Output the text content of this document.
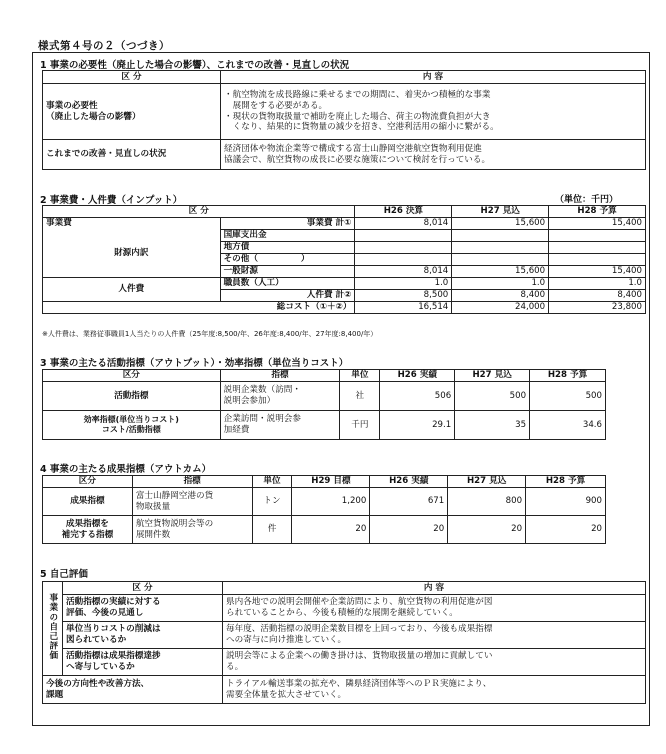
様式第４号の２（つづき）
1 事業の必要性（廃止した場合の影響）、これまでの改善・見直しの状況
区 分	内 容
事業の必要性
（廃止した場合の影響）	・航空物流を成長路線に乗せるまでの期間に、着実かつ積極的な事業
　展開をする必要がある。
・現状の貨物取扱量で補助を廃止した場合、荷主の物流費負担が大き
　くなり、結果的に貨物量の減少を招き、空港利活用の縮小に繋がる。
これまでの改善・見直しの状況	経済団体や物流企業等で構成する富士山静岡空港航空貨物利用促進
協議会で、航空貨物の成長に必要な施策について検討を行っている。
2 事業費・人件費（インプット）	（単位：千円）
区 分		H26 決算	H27 見込	H28 予算
事業費	事業費 計①	8,014	15,600	15,400
財源内訳	国庫支出金			
	地方債			
	その他（　　　　　）			
	一般財源	8,014	15,600	15,400
人件費	職員数（人工）	1.0	1.0	1.0
	人件費 計②	8,500	8,400	8,400
総コスト（①＋②）		16,514	24,000	23,800
※人件費は、業務従事職員1人当たりの人件費（25年度:8,500/年、26年度:8,400/年、27年度:8,400/年）
3 事業の主たる活動指標（アウトプット）・効率指標（単位当りコスト）
区分	指標	単位	H26 実績	H27 見込	H28 予算
活動指標	説明企業数（訪問・
説明会参加）	社	506	500	500
効率指標(単位当りコスト)
コスト/活動指標	企業訪問・説明会参
加経費	千円	29.1	35	34.6
4 事業の主たる成果指標（アウトカム）
区分	指標	単位	H29 目標	H26 実績	H27 見込	H28 予算
成果指標	富士山静岡空港の貨
物取扱量	トン	1,200	671	800	900
成果指標を
補完する指標	航空貨物説明会等の
展開件数	件	20	20	20	20
5 自己評価
事業の自己評価	区 分	内 容
	活動指標の実績に対する
評価、今後の見通し	県内各地での説明会開催や企業訪問により、航空貨物の利用促進が図
られていることから、今後も積極的な展開を継続していく。
	単位当りコストの削減は
図られているか	毎年度、活動指標の説明企業数目標を上回っており、今後も成果指標
への寄与に向け推進していく。
	活動指標は成果指標達捗
へ寄与しているか	説明会等による企業への働き掛けは、貨物取扱量の増加に貢献してい
る。
今後の方向性や改善方法、
課題		トライアル輸送事業の拡充や、隣県経済団体等へのＰＲ実施により、
需要全体量を拡大させていく。
